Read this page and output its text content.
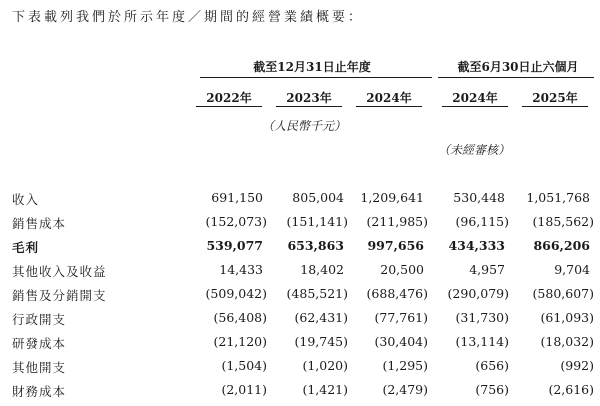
下表載列我們於所示年度／期間的經營業績概要：
截至12月31日止年度	截至6月30日止六個月
2022年	2023年	2024年	2024年	2025年
（人民幣千元）
（未經審核）
收入	691,150 805,004 1,209,641 530,448 1,051,768
銷售成本	(152,073) (151,141) (211,985) (96,115) (185,562)
毛利	539,077 653,863 997,656 434,333 866,206
其他收入及收益	14,433	18,402	20,500	4,957	9,704
銷售及分銷開支	(509,042) (485,521) (688,476) (290,079) (580,607)
行政開支	(56,408) (62,431) (77,761) (31,730)	(61,093)
研發成本	(21,120) (19,745) (30,404) (13,114)	(18,032)
其他開支	(1,504)	(1,020)	(1,295)	(656)	(992)
財務成本	(2,011)	(1,421)	(2,479)	(756)	(2,616)
